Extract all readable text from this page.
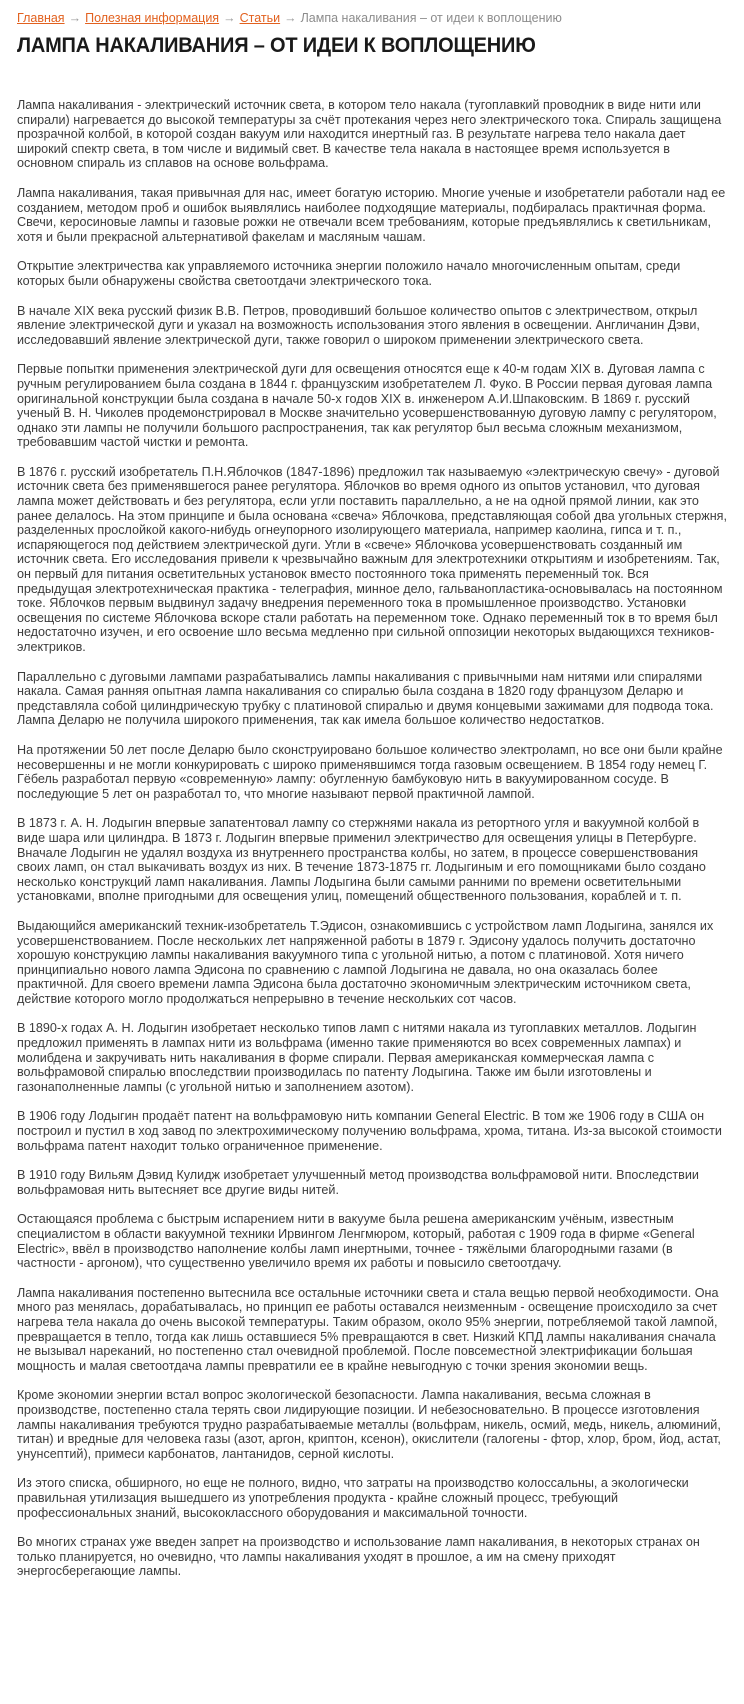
Главная → Полезная информация → Статьи → Лампа накаливания – от идеи к воплощению
ЛАМПА НАКАЛИВАНИЯ – ОТ ИДЕИ К ВОПЛОЩЕНИЮ

Лампа накаливания - электрический источник света, в котором тело накала (тугоплавкий проводник в виде нити или спирали) нагревается до высокой температуры за счёт протекания через него электрического тока. Спираль защищена прозрачной колбой, в которой создан вакуум или находится инертный газ. В результате нагрева тело накала дает широкий спектр света, в том числе и видимый свет. В качестве тела накала в настоящее время используется в основном спираль из сплавов на основе вольфрама.

Лампа накаливания, такая привычная для нас, имеет богатую историю. Многие ученые и изобретатели работали над ее созданием, методом проб и ошибок выявлялись наиболее подходящие материалы, подбиралась практичная форма. Свечи, керосиновые лампы и газовые рожки не отвечали всем требованиям, которые предъявлялись к светильникам, хотя и были прекрасной альтернативой факелам и масляным чашам.

Открытие электричества как управляемого источника энергии положило начало многочисленным опытам, среди которых были обнаружены свойства светоотдачи электрического тока.

В начале XIX века русский физик В.В. Петров, проводивший большое количество опытов с электричеством, открыл явление электрической дуги и указал на возможность использования этого явления в освещении. Англичанин Дэви, исследовавший явление электрической дуги, также говорил о широком применении электрического света.

Первые попытки применения электрической дуги для освещения относятся еще к 40-м годам XIX в. Дуговая лампа с ручным регулированием была создана в 1844 г. французским изобретателем Л. Фуко. В России первая дуговая лампа оригинальной конструкции была создана в начале 50-х годов XIX в. инженером А.И.Шпаковским. В 1869 г. русский ученый В. Н. Чиколев продемонстрировал в Москве значительно усовершенствованную дуговую лампу с регулятором, однако эти лампы не получили большого распространения, так как регулятор был весьма сложным механизмом, требовавшим частой чистки и ремонта.

В 1876 г. русский изобретатель П.Н.Яблочков (1847-1896) предложил так называемую «электрическую свечу» - дуговой источник света без применявшегося ранее регулятора. Яблочков во время одного из опытов установил, что дуговая лампа может действовать и без регулятора, если угли поставить параллельно, а не на одной прямой линии, как это ранее делалось. На этом принципе и была основана «свеча» Яблочкова, представляющая собой два угольных стержня, разделенных прослойкой какого-нибудь огнеупорного изолирующего материала, например каолина, гипса и т. п., испаряющегося под действием электрической дуги. Угли в «свече» Яблочкова усовершенствовать созданный им источник света. Его исследования привели к чрезвычайно важным для электротехники открытиям и изобретениям. Так, он первый для питания осветительных установок вместо постоянного тока применять переменный ток. Вся предыдущая электротехническая практика - телеграфия, минное дело, гальванопластика-основывалась на постоянном токе. Яблочков первым выдвинул задачу внедрения переменного тока в промышленное производство. Установки освещения по системе Яблочкова вскоре стали работать на переменном токе. Однако переменный ток в то время был недостаточно изучен, и его освоение шло весьма медленно при сильной оппозиции некоторых выдающихся техников-электриков.

Параллельно с дуговыми лампами разрабатывались лампы накаливания с привычными нам нитями или спиралями накала. Самая ранняя опытная лампа накаливания со спиралью была создана в 1820 году французом Деларю и представляла собой цилиндрическую трубку с платиновой спиралью и двумя концевыми зажимами для подвода тока. Лампа Деларю не получила широкого применения, так как имела большое количество недостатков.

На протяжении 50 лет после Деларю было сконструировано большое количество электроламп, но все они были крайне несовершенны и не могли конкурировать с широко применявшимся тогда газовым освещением. В 1854 году немец Г. Гёбель разработал первую «современную» лампу: обугленную бамбуковую нить в вакуумированном сосуде. В последующие 5 лет он разработал то, что многие называют первой практичной лампой.

В 1873 г. А. Н. Лодыгин впервые запатентовал лампу со стержнями накала из ретортного угля и вакуумной колбой в виде шара или цилиндра. В 1873 г. Лодыгин впервые применил электричество для освещения улицы в Петербурге. Вначале Лодыгин не удалял воздуха из внутреннего пространства колбы, но затем, в процессе совершенствования своих ламп, он стал выкачивать воздух из них. В течение 1873-1875 гг. Лодыгиным и его помощниками было создано несколько конструкций ламп накаливания. Лампы Лодыгина были самыми ранними по времени осветительными установками, вполне пригодными для освещения улиц, помещений общественного пользования, кораблей и т. п.

Выдающийся американский техник-изобретатель Т.Эдисон, ознакомившись с устройством ламп Лодыгина, занялся их усовершенствованием. После нескольких лет напряженной работы в 1879 г. Эдисону удалось получить достаточно хорошую конструкцию лампы накаливания вакуумного типа с угольной нитью, а потом с платиновой. Хотя ничего принципиально нового лампа Эдисона по сравнению с лампой Лодыгина не давала, но она оказалась более практичной. Для своего времени лампа Эдисона была достаточно экономичным электрическим источником света, действие которого могло продолжаться непрерывно в течение нескольких сот часов.

В 1890-х годах А. Н. Лодыгин изобретает несколько типов ламп с нитями накала из тугоплавких металлов. Лодыгин предложил применять в лампах нити из вольфрама (именно такие применяются во всех современных лампах) и молибдена и закручивать нить накаливания в форме спирали. Первая американская коммерческая лампа с вольфрамовой спиралью впоследствии производилась по патенту Лодыгина. Также им были изготовлены и газонаполненные лампы (с угольной нитью и заполнением азотом).

В 1906 году Лодыгин продаёт патент на вольфрамовую нить компании General Electric. В том же 1906 году в США он построил и пустил в ход завод по электрохимическому получению вольфрама, хрома, титана. Из-за высокой стоимости вольфрама патент находит только ограниченное применение.

В 1910 году Вильям Дэвид Кулидж изобретает улучшенный метод производства вольфрамовой нити. Впоследствии вольфрамовая нить вытесняет все другие виды нитей.

Остающаяся проблема с быстрым испарением нити в вакууме была решена американским учёным, известным специалистом в области вакуумной техники Ирвингом Ленгмюром, который, работая с 1909 года в фирме «General Electric», ввёл в производство наполнение колбы ламп инертными, точнее - тяжёлыми благородными газами (в частности - аргоном), что существенно увеличило время их работы и повысило светоотдачу.

Лампа накаливания постепенно вытеснила все остальные источники света и стала вещью первой необходимости. Она много раз менялась, дорабатывалась, но принцип ее работы оставался неизменным - освещение происходило за счет нагрева тела накала до очень высокой температуры. Таким образом, около 95% энергии, потребляемой такой лампой, превращается в тепло, тогда как лишь оставшиеся 5% превращаются в свет. Низкий КПД лампы накаливания сначала не вызывал нареканий, но постепенно стал очевидной проблемой. После повсеместной электрификации большая мощность и малая светоотдача лампы превратили ее в крайне невыгодную с точки зрения экономии вещь.

Кроме экономии энергии встал вопрос экологической безопасности. Лампа накаливания, весьма сложная в производстве, постепенно стала терять свои лидирующие позиции. И небезосновательно. В процессе изготовления лампы накаливания требуются трудно разрабатываемые металлы (вольфрам, никель, осмий, медь, никель, алюминий, титан) и вредные для человека газы (азот, аргон, криптон, ксенон), окислители (галогены - фтор, хлор, бром, йод, астат, унунсептий), примеси карбонатов, лантанидов, серной кислоты.

Из этого списка, обширного, но еще не полного, видно, что затраты на производство колоссальны, а экологически правильная утилизация вышедшего из употребления продукта - крайне сложный процесс, требующий профессиональных знаний, высококлассного оборудования и максимальной точности.

Во многих странах уже введен запрет на производство и использование ламп накаливания, в некоторых странах он только планируется, но очевидно, что лампы накаливания уходят в прошлое, а им на смену приходят энергосберегающие лампы.
